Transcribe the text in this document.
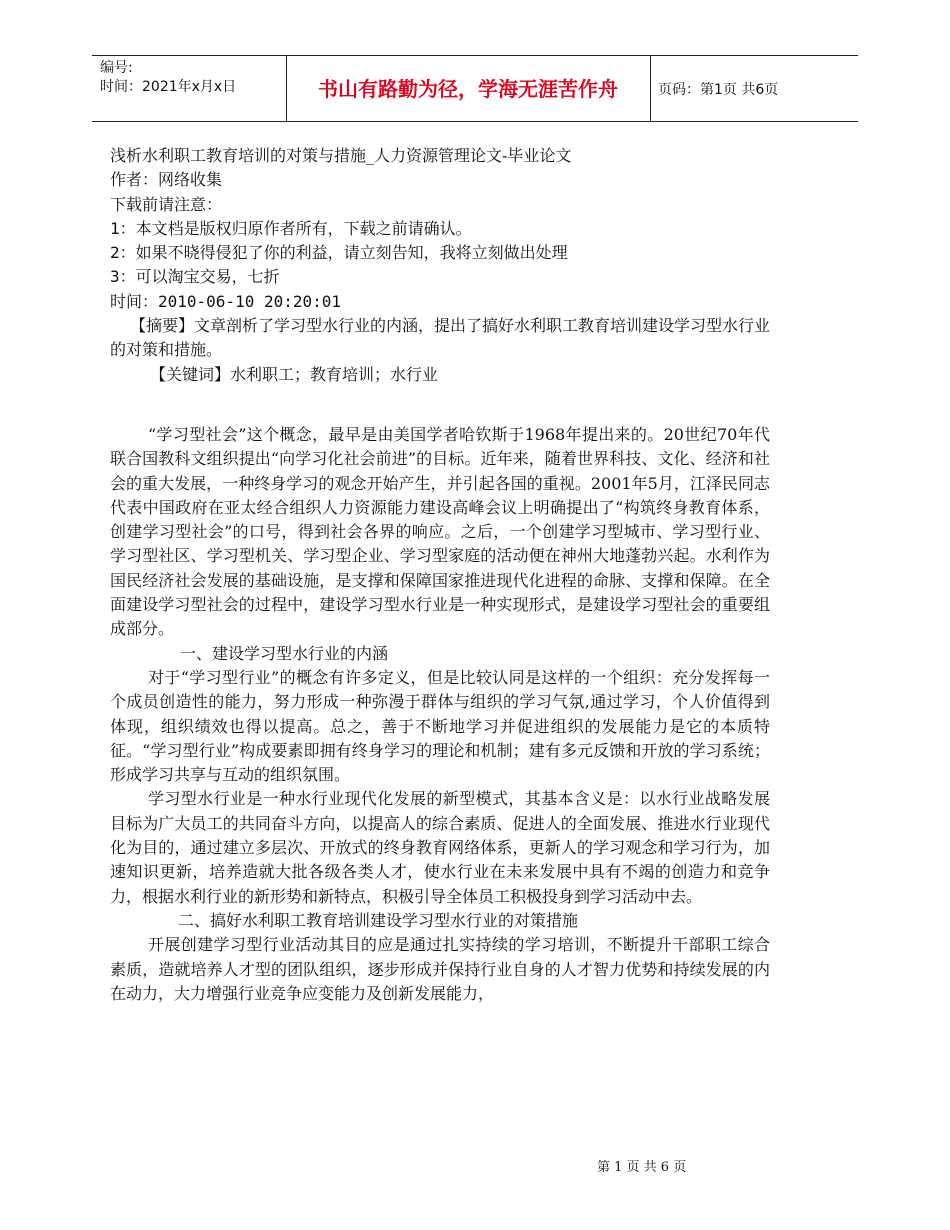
编号:
时间：2021年x月x日	书山有路勤为径，学海无涯苦作舟	页码：第1页 共6页
浅析水利职工教育培训的对策与措施_人力资源管理论文-毕业论文
作者：网络收集
下载前请注意：
1：本文档是版权归原作者所有，下载之前请确认。
2：如果不晓得侵犯了你的利益，请立刻告知，我将立刻做出处理
3：可以淘宝交易，七折
时间：2010-06-10 20:20:01
【摘要】文章剖析了学习型水行业的内涵，提出了搞好水利职工教育培训建设学习型水行业的对策和措施。
【关键词】水利职工；教育培训；水行业
“学习型社会”这个概念，最早是由美国学者哈钦斯于1968年提出来的。20世纪70年代联合国教科文组织提出“向学习化社会前进”的目标。近年来，随着世界科技、文化、经济和社会的重大发展，一种终身学习的观念开始产生，并引起各国的重视。2001年5月，江泽民同志代表中国政府在亚太经合组织人力资源能力建设高峰会议上明确提出了“构筑终身教育体系，创建学习型社会”的口号，得到社会各界的响应。之后，一个创建学习型城市、学习型行业、学习型社区、学习型机关、学习型企业、学习型家庭的活动便在神州大地蓬勃兴起。水利作为国民经济社会发展的基础设施，是支撑和保障国家推进现代化进程的命脉、支撑和保障。在全面建设学习型社会的过程中，建设学习型水行业是一种实现形式，是建设学习型社会的重要组成部分。
一、建设学习型水行业的内涵
对于“学习型行业”的概念有许多定义，但是比较认同是这样的一个组织：充分发挥每一个成员创造性的能力，努力形成一种弥漫于群体与组织的学习气氛,通过学习，个人价值得到体现，组织绩效也得以提高。总之，善于不断地学习并促进组织的发展能力是它的本质特征。“学习型行业”构成要素即拥有终身学习的理论和机制；建有多元反馈和开放的学习系统；形成学习共享与互动的组织氛围。
学习型水行业是一种水行业现代化发展的新型模式，其基本含义是：以水行业战略发展目标为广大员工的共同奋斗方向，以提高人的综合素质、促进人的全面发展、推进水行业现代化为目的，通过建立多层次、开放式的终身教育网络体系，更新人的学习观念和学习行为，加速知识更新，培养造就大批各级各类人才，使水行业在未来发展中具有不竭的创造力和竞争力，根据水利行业的新形势和新特点，积极引导全体员工积极投身到学习活动中去。
二、搞好水利职工教育培训建设学习型水行业的对策措施
开展创建学习型行业活动其目的应是通过扎实持续的学习培训，不断提升干部职工综合素质，造就培养人才型的团队组织，逐步形成并保持行业自身的人才智力优势和持续发展的内在动力，大力增强行业竞争应变能力及创新发展能力，
第 1 页 共 6 页
